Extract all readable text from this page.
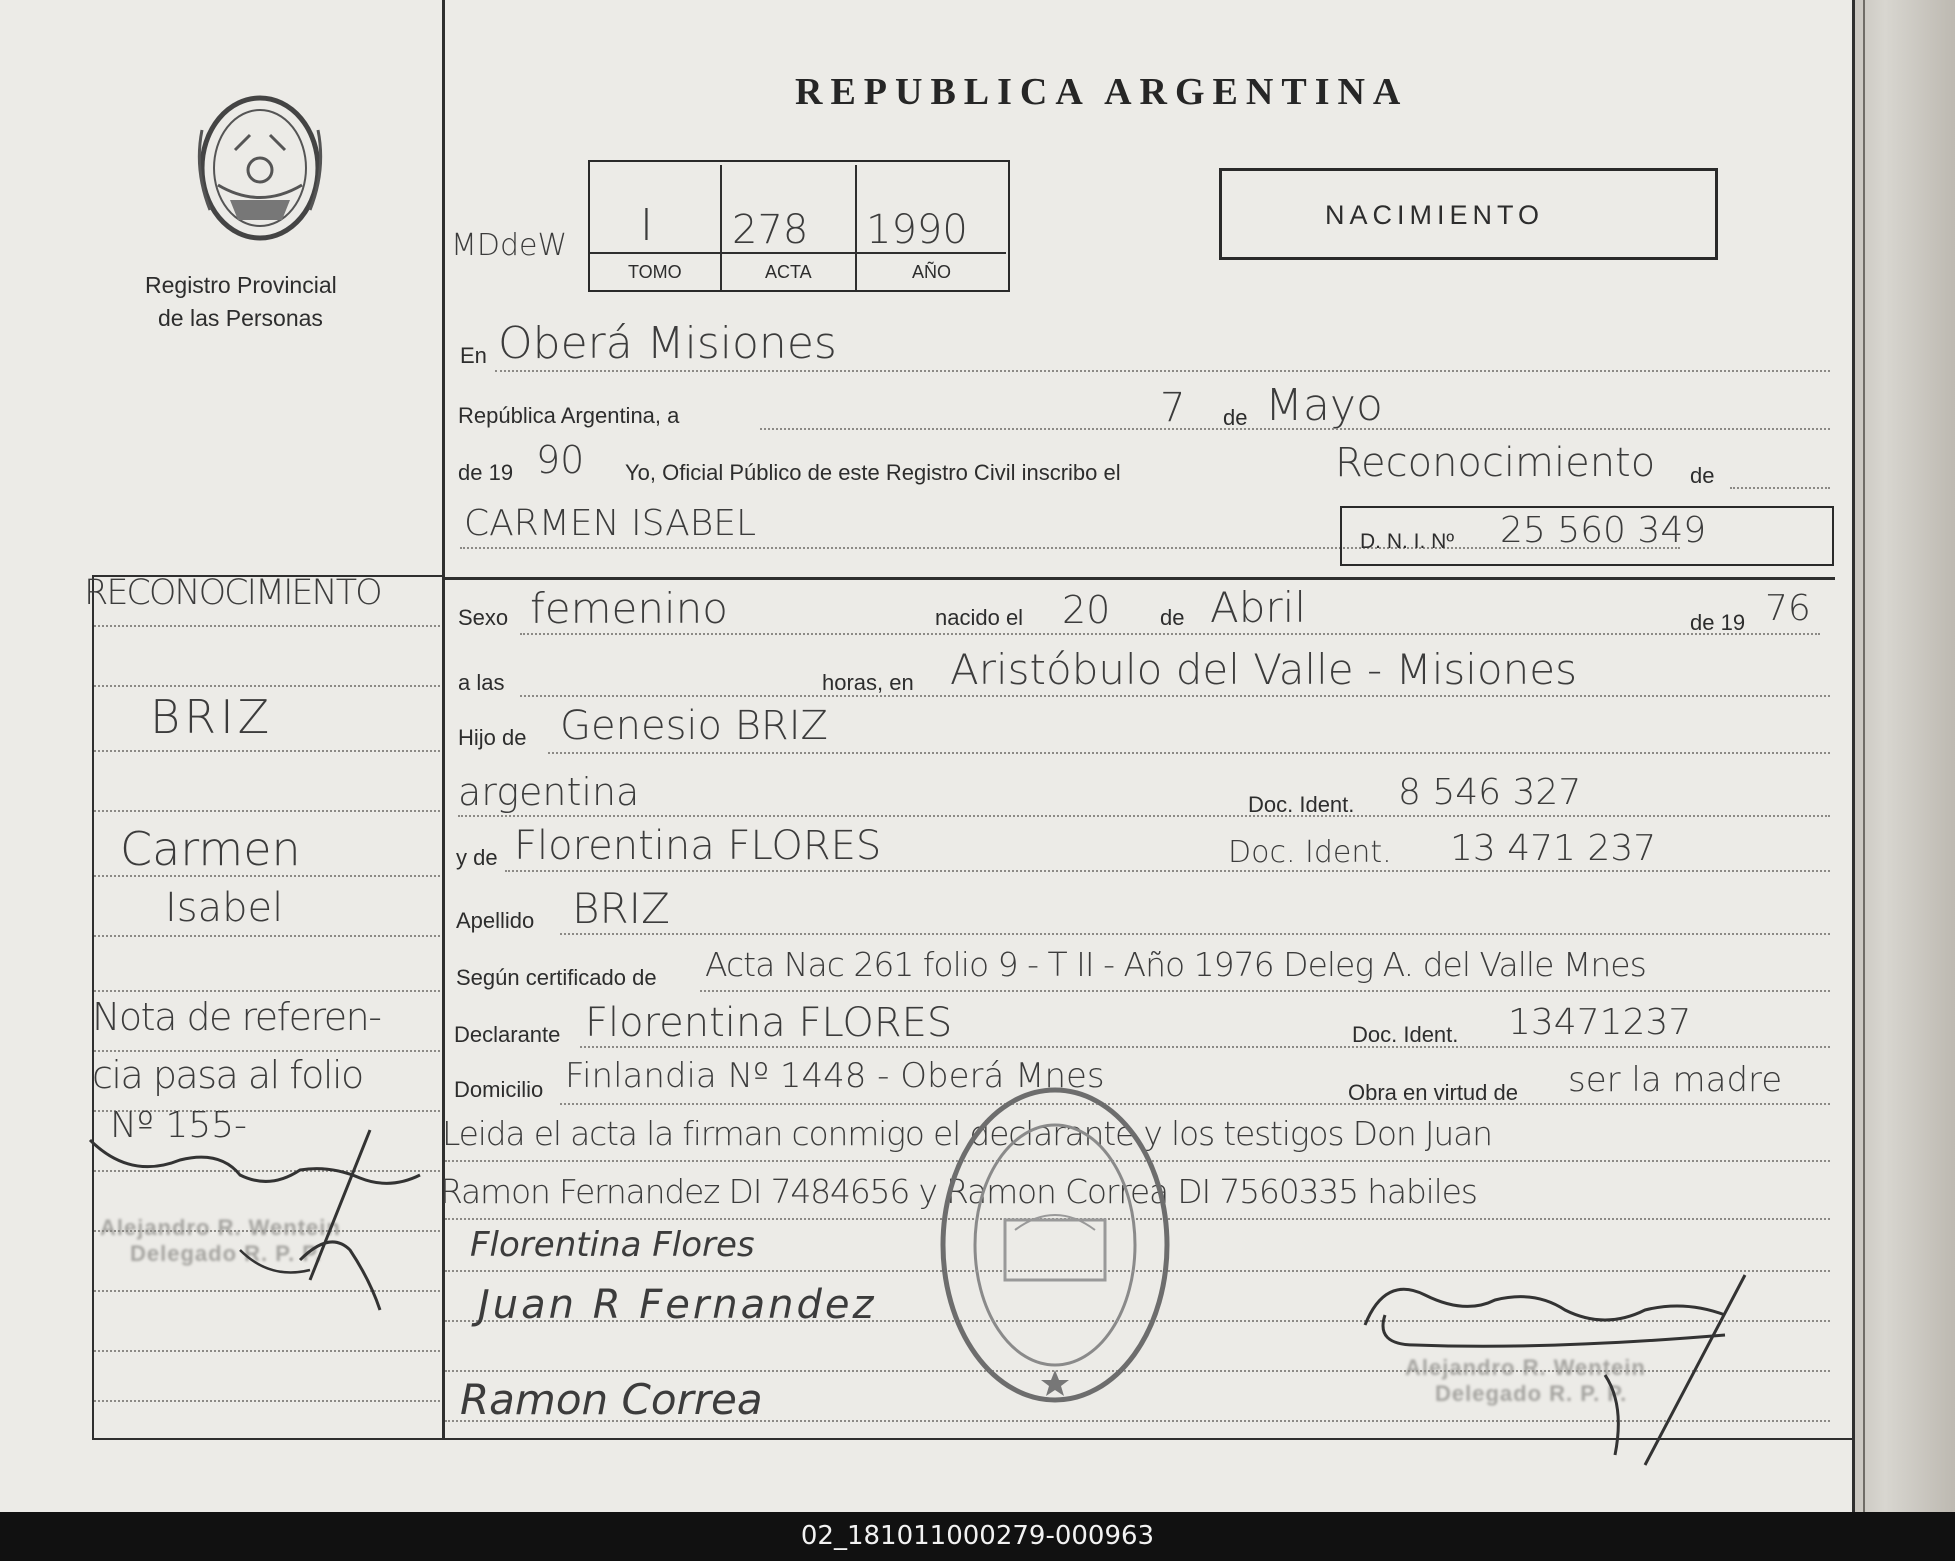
Registro Provincial
de las Personas
REPUBLICA ARGENTINA
MDdeW I 278 1990
TOMO	ACTA	AÑO
NACIMIENTO
En Oberá Misiones
República Argentina, a	7 de Mayo
de 19 90 Yo, Oficial Público de este Registro Civil inscribo el	Reconocimiento de
CARMEN ISABEL	D. N. I. Nº 25 560 349
Sexo femenino	nacido el 20 de Abril	de 19 76
a las	horas, en Aristóbulo del Valle - Misiones
Hijo de Genesio BRIZ
argentina	Doc. Ident. 8 546 327
y de Florentina FLORES	Doc. Ident. 13 471 237
Apellido BRIZ
Según certificado de Acta Nac 261 folio 9 - T II - Año 1976 Deleg A. del Valle Mnes
Declarante Florentina FLORES	Doc. Ident. 13471237
Domicilio Finlandia Nº 1448 - Oberá Mnes	Obra en virtud de ser la madre
Leida el acta la firman conmigo el declarante y los testigos Don Juan
Ramon Fernandez DI 7484656 y Ramon Correa DI 7560335 habiles
RECONOCIMIENTO
BRIZ
Carmen
Isabel
Nota de referen-
cia pasa al folio
Nº 155-
Alejandro R. Wentein
Delegado R. P. P.
Alejandro R. Wentein
Delegado R. P. P.
Florentina Flores
Juan R Fernandez
Ramon Correa
02_181011000279-000963
